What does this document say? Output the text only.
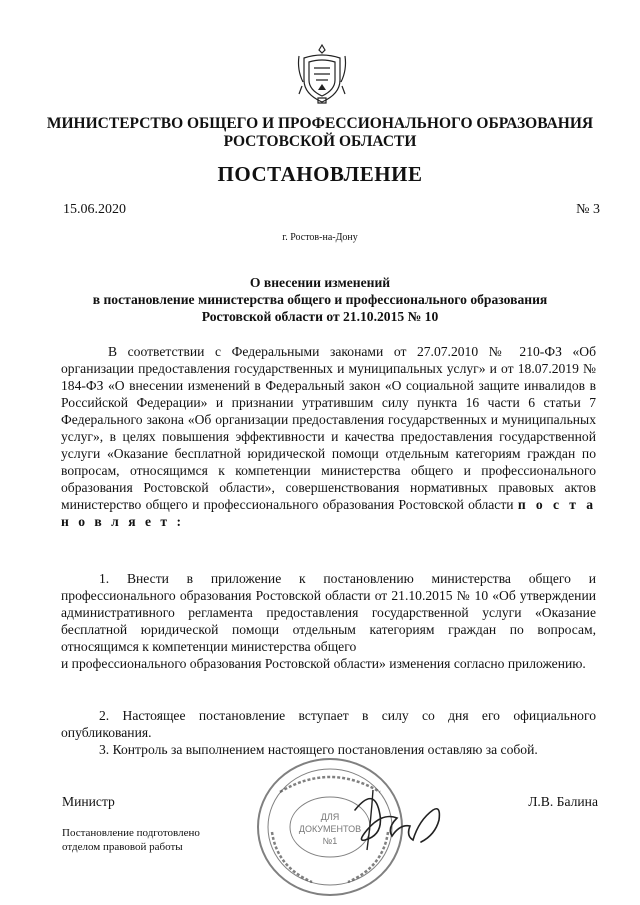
МИНИСТЕРСТВО ОБЩЕГО И ПРОФЕССИОНАЛЬНОГО ОБРАЗОВАНИЯ
РОСТОВСКОЙ ОБЛАСТИ
ПОСТАНОВЛЕНИЕ
15.06.2020	№ 3
г. Ростов-на-Дону
О внесении изменений
в постановление министерства общего и профессионального образования
Ростовской области от 21.10.2015 № 10
В соответствии с Федеральными законами от 27.07.2010 № 210-ФЗ «Об организации предоставления государственных и муниципальных услуг» и от 18.07.2019 № 184-ФЗ «О внесении изменений в Федеральный закон «О социальной защите инвалидов в Российской Федерации» и признании утратившим силу пункта 16 части 6 статьи 7 Федерального закона «Об организации предоставления государственных и муниципальных услуг», в целях повышения эффективности и качества предоставления государственной услуги «Оказание бесплатной юридической помощи отдельным категориям граждан по вопросам, относящимся к компетенции министерства общего и профессионального образования Ростовской области», совершенствования нормативных правовых актов министерство общего и профессионального образования Ростовской области п о с т а н о в л я е т :
1. Внести в приложение к постановлению министерства общего и профессионального образования Ростовской области от 21.10.2015 № 10 «Об утверждении административного регламента предоставления государственной услуги «Оказание бесплатной юридической помощи отдельным категориям граждан по вопросам, относящимся к компетенции министерства общего
и профессионального образования Ростовской области» изменения согласно приложению.
2. Настоящее постановление вступает в силу со дня его официального опубликования.
3. Контроль за выполнением настоящего постановления оставляю за собой.
ДЛЯ
ДОКУМЕНТОВ
№1
Министр	Л.В. Балина
Постановление подготовлено
отделом правовой работы
